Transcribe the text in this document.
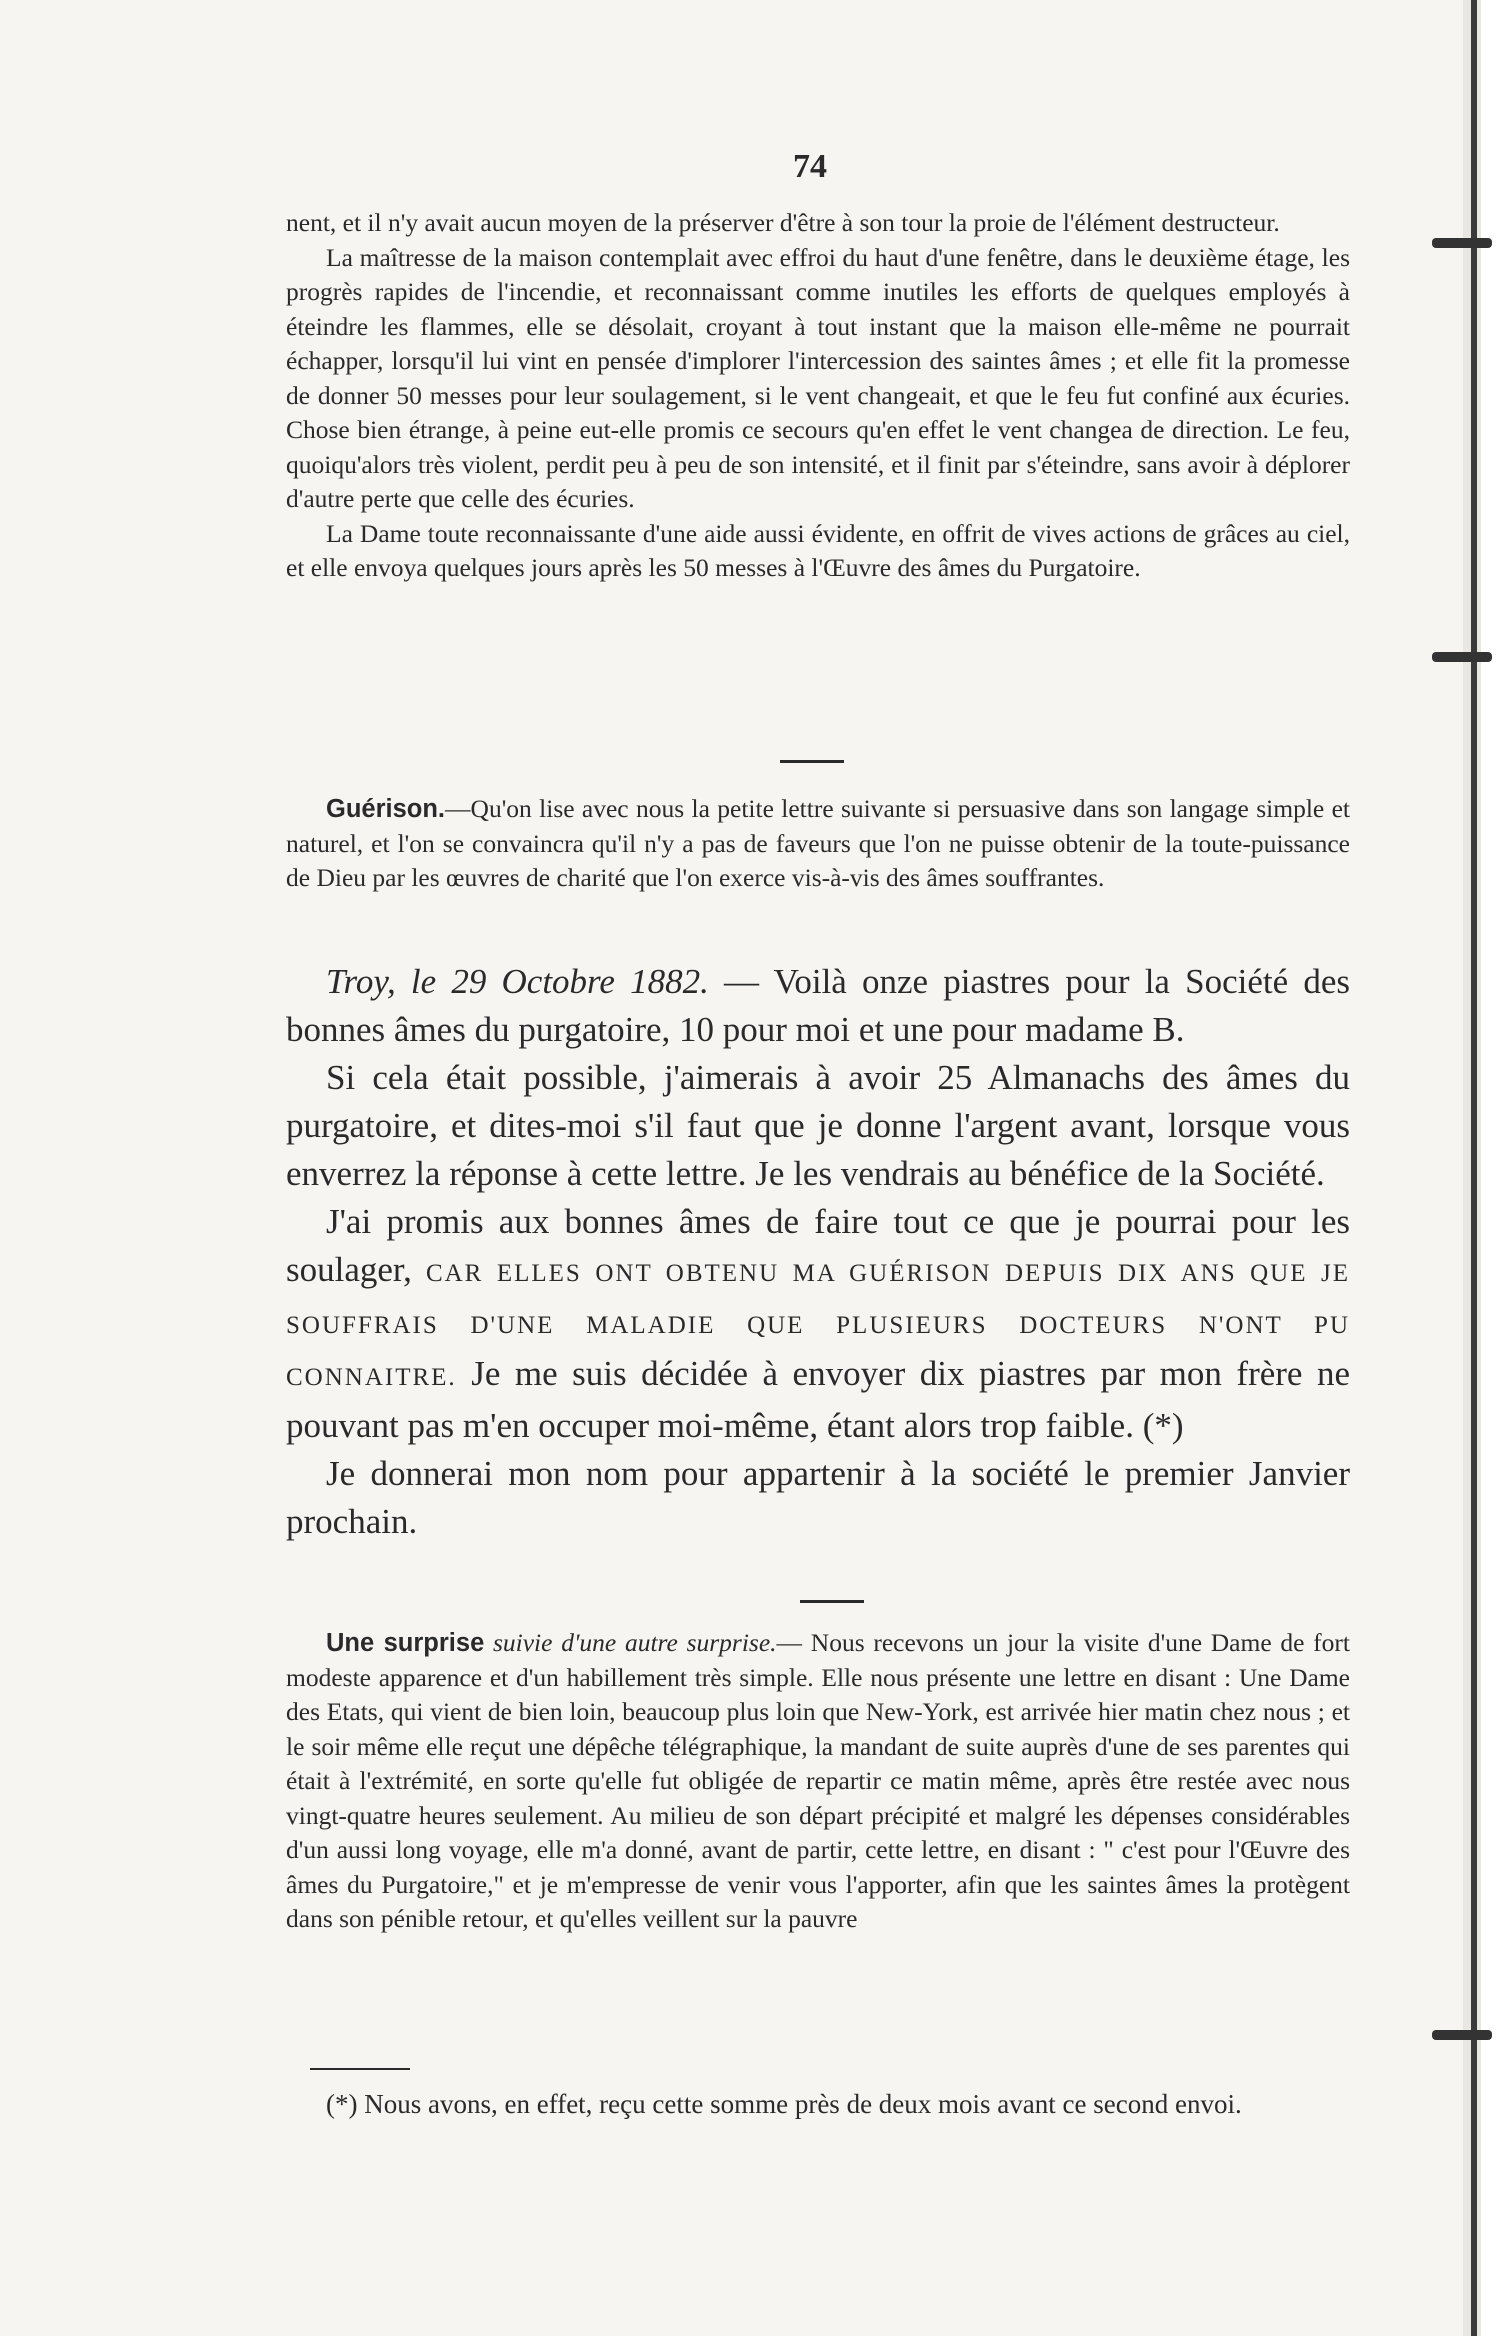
74

nent, et il n'y avait aucun moyen de la préserver d'être à son tour la proie de l'élément destructeur.

La maîtresse de la maison contemplait avec effroi du haut d'une fenêtre, dans le deuxième étage, les progrès rapides de l'incendie, et reconnaissant comme inutiles les efforts de quelques employés à éteindre les flammes, elle se désolait, croyant à tout instant que la maison elle-même ne pourrait échapper, lorsqu'il lui vint en pensée d'implorer l'intercession des saintes âmes ; et elle fit la promesse de donner 50 messes pour leur soulagement, si le vent changeait, et que le feu fut confiné aux écuries. Chose bien étrange, à peine eut-elle promis ce secours qu'en effet le vent changea de direction. Le feu, quoiqu'alors très violent, perdit peu à peu de son intensité, et il finit par s'éteindre, sans avoir à déplorer d'autre perte que celle des écuries.

La Dame toute reconnaissante d'une aide aussi évidente, en offrit de vives actions de grâces au ciel, et elle envoya quelques jours après les 50 messes à l'Œuvre des âmes du Purgatoire.

Guérison.—Qu'on lise avec nous la petite lettre suivante si persuasive dans son langage simple et naturel, et l'on se convaincra qu'il n'y a pas de faveurs que l'on ne puisse obtenir de la toute-puissance de Dieu par les œuvres de charité que l'on exerce vis-à-vis des âmes souffrantes.

Troy, le 29 Octobre 1882. — Voilà onze piastres pour la Société des bonnes âmes du purgatoire, 10 pour moi et une pour madame B.

Si cela était possible, j'aimerais à avoir 25 Almanachs des âmes du purgatoire, et dites-moi s'il faut que je donne l'argent avant, lorsque vous enverrez la réponse à cette lettre. Je les vendrais au bénéfice de la Société.

J'ai promis aux bonnes âmes de faire tout ce que je pourrai pour les soulager, CAR ELLES ONT OBTENU MA GUÉRISON DEPUIS DIX ANS QUE JE SOUFFRAIS D'UNE MALADIE QUE PLUSIEURS DOCTEURS N'ONT PU CONNAITRE. Je me suis décidée à envoyer dix piastres par mon frère ne pouvant pas m'en occuper moi-même, étant alors trop faible. (*)

Je donnerai mon nom pour appartenir à la société le premier Janvier prochain.

Une surprise suivie d'une autre surprise.— Nous recevons un jour la visite d'une Dame de fort modeste apparence et d'un habillement très simple. Elle nous présente une lettre en disant : Une Dame des Etats, qui vient de bien loin, beaucoup plus loin que New-York, est arrivée hier matin chez nous ; et le soir même elle reçut une dépêche télégraphique, la mandant de suite auprès d'une de ses parentes qui était à l'extrémité, en sorte qu'elle fut obligée de repartir ce matin même, après être restée avec nous vingt-quatre heures seulement. Au milieu de son départ précipité et malgré les dépenses considérables d'un aussi long voyage, elle m'a donné, avant de partir, cette lettre, en disant : " c'est pour l'Œuvre des âmes du Purgatoire," et je m'empresse de venir vous l'apporter, afin que les saintes âmes la protègent dans son pénible retour, et qu'elles veillent sur la pauvre

(*) Nous avons, en effet, reçu cette somme près de deux mois avant ce second envoi.
